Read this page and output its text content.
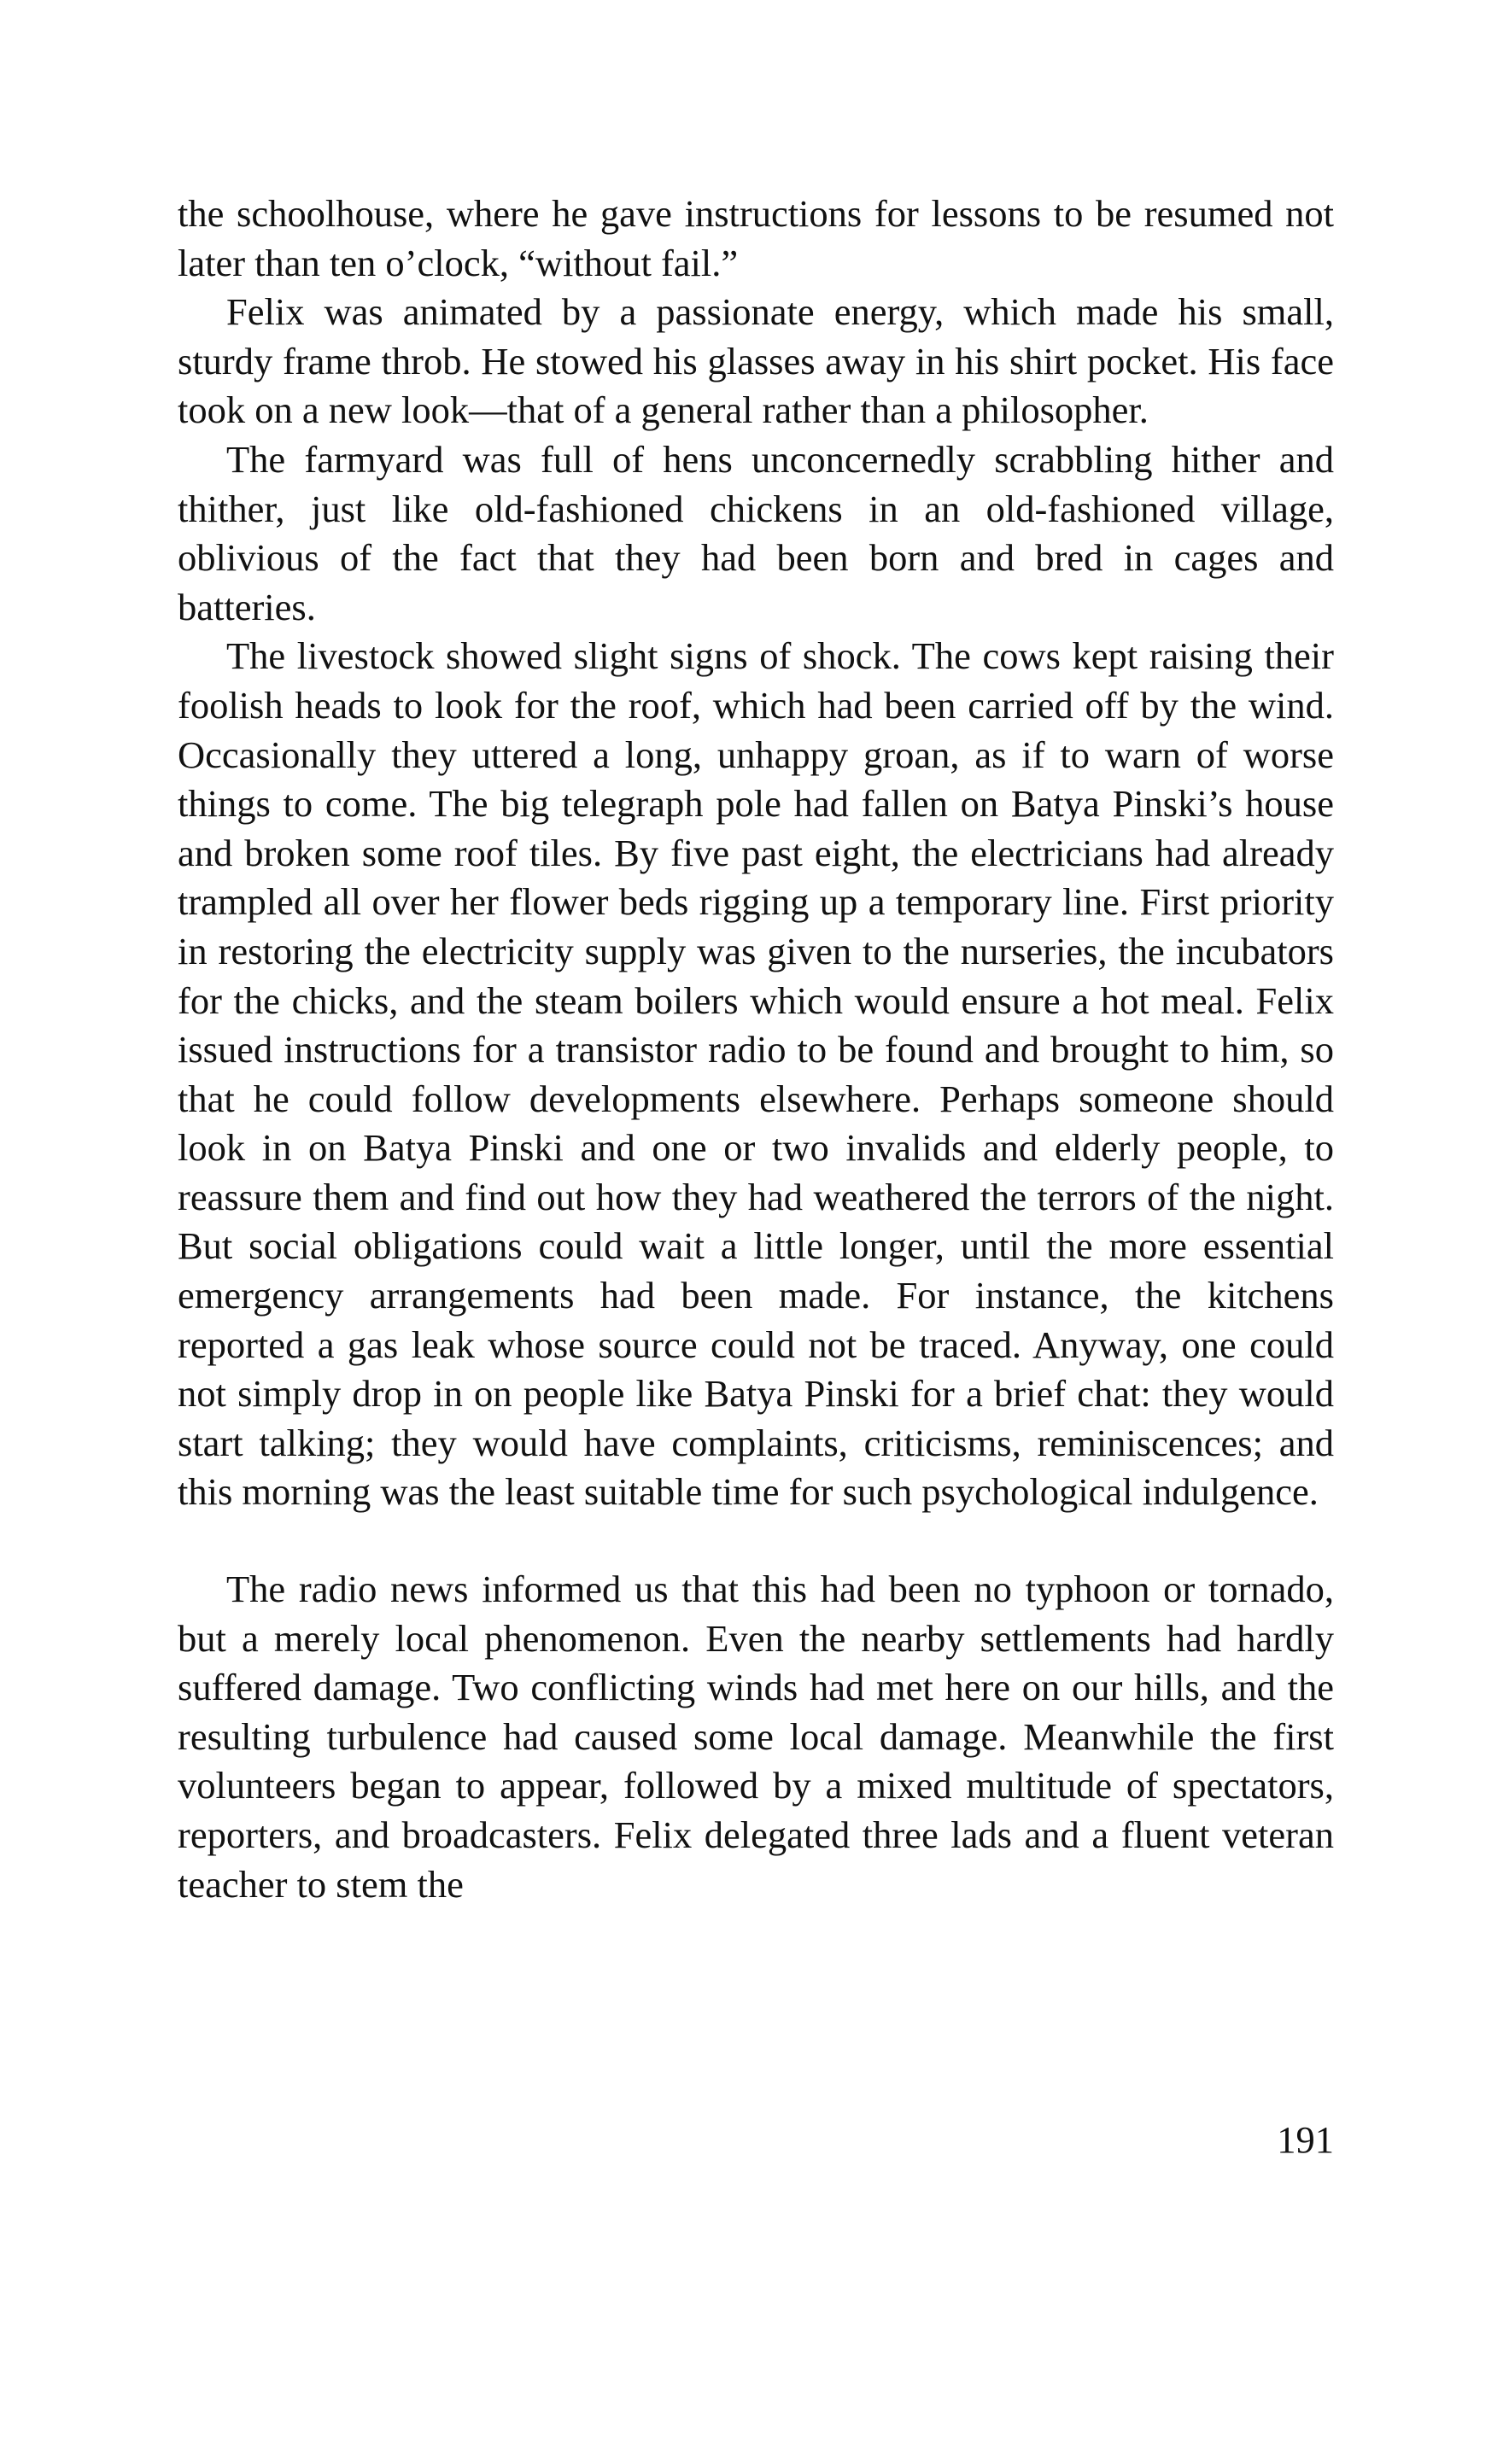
the schoolhouse, where he gave instructions for lessons to be resumed not later than ten o’clock, “without fail.”

Felix was animated by a passionate energy, which made his small, sturdy frame throb. He stowed his glasses away in his shirt pocket. His face took on a new look—that of a general rather than a philosopher.

The farmyard was full of hens unconcernedly scrabbling hither and thither, just like old-fashioned chickens in an old-fashioned village, oblivious of the fact that they had been born and bred in cages and batteries.

The livestock showed slight signs of shock. The cows kept raising their foolish heads to look for the roof, which had been carried off by the wind. Occasionally they uttered a long, unhappy groan, as if to warn of worse things to come. The big telegraph pole had fallen on Batya Pinski’s house and broken some roof tiles. By five past eight, the electricians had already trampled all over her flower beds rigging up a temporary line. First priority in restoring the electricity supply was given to the nurseries, the incubators for the chicks, and the steam boilers which would ensure a hot meal. Felix issued instructions for a transistor radio to be found and brought to him, so that he could follow developments elsewhere. Perhaps someone should look in on Batya Pinski and one or two invalids and elderly people, to reassure them and find out how they had weathered the terrors of the night. But social obligations could wait a little longer, until the more essential emergency arrangements had been made. For instance, the kitchens reported a gas leak whose source could not be traced. Anyway, one could not simply drop in on people like Batya Pinski for a brief chat: they would start talking; they would have complaints, criticisms, reminiscences; and this morning was the least suitable time for such psychological indulgence.

The radio news informed us that this had been no typhoon or tornado, but a merely local phenomenon. Even the nearby settlements had hardly suffered damage. Two conflicting winds had met here on our hills, and the resulting turbulence had caused some local damage. Meanwhile the first volunteers began to appear, followed by a mixed multitude of spectators, reporters, and broadcasters. Felix delegated three lads and a fluent veteran teacher to stem the

191
